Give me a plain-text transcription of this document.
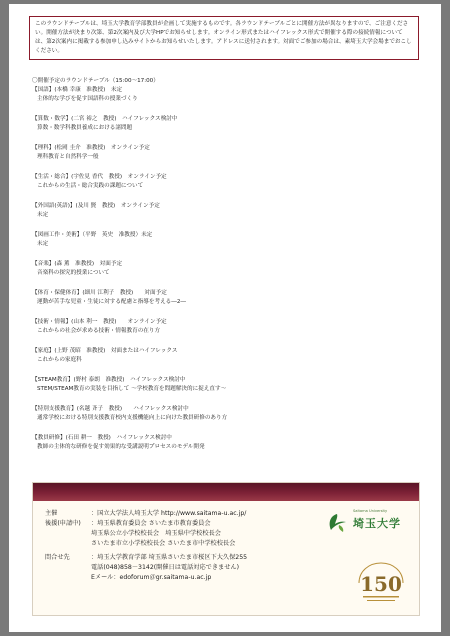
このラウンドテーブルは、埼玉大学教育学部教員が企画して実施するものです。各ラウンドテーブルごとに開催方法が異なりますので、ご注意ください。開催方法が決まり次第、第2次案内及び大学HPでお知らせします。オンライン形式またはハイフレックス形式で開催する際の接続情報については、第2次案内に掲載する参加申し込みサイトからお知らせいたします。アドレスに送付されます。対面でご参加の場合は、素埼玉大学会場までおこしください。
〇開催予定のラウンドテーブル（15:00～17:00）
【国語】(本橋 幸康　准教授)　未定
主体的な学びを促す国語科の授業づくり
【算数・数学】(二宮 裕之　教授)　ハイフレックス検討中
算数・数学科教員養成における諸問題
【理科】(松岡 圭介　准教授)　オンライン予定
理科教育と自然科学一般
【生活・総合】(宇佐見 香代　教授)　オンライン予定
これからの生活・総合実践の課題について
【外国語(英語)】(及川 賢　教授)　オンライン予定
未定
【図画工作・美術】（平野　英史　准教授）未定
未定
【音楽】(森 薫　准教授)　対面予定
音楽科の探究的授業について
【体育・保健体育】(細川 江利子　教授)　　対面予定
運動が苦手な児童・生徒に対する配慮と指導を考える―2―
【技術・情報】(山本 利一　教授)　　オンライン予定
これからの社会が求める技術・情報教育の在り方
【家庭】(上野 茂昭　准教授)　対面またはハイフレックス
これからの家庭科
【STEAM教育】(野村 泰朗　准教授)　ハイフレックス検討中
STEM/STEAM教育の実装を目指して ～学校教育を問題解決的に捉え直す～
【特別支援教育】(名越 斉子　教授)　　ハイフレックス検討中
通常学校における特別支援教育校内支援機能向上に向けた教員研修のあり方
【教員研修】(石田 耕一　教授)　ハイフレックス検討中
教師の主体的な研修を促す効果的な受講説明プロセスのモデル開発
主催	：国立大学法人埼玉大学 http://www.saitama-u.ac.jp/
後援(申請中)	：埼玉県教育委員会 さいたま市教育委員会
埼玉県公立小学校校長会　埼玉県中学校校長会
さいたま市立小学校校長会 さいたま市中学校校長会
問合せ先	：埼玉大学教育学部 埼玉県さいたま市桜区下大久保255
電話(048)858－3142(開催日は電話対応できません)
Eメール：edoforum＠gr.saitama-u.ac.jp
Saitama University
埼玉大学
150
